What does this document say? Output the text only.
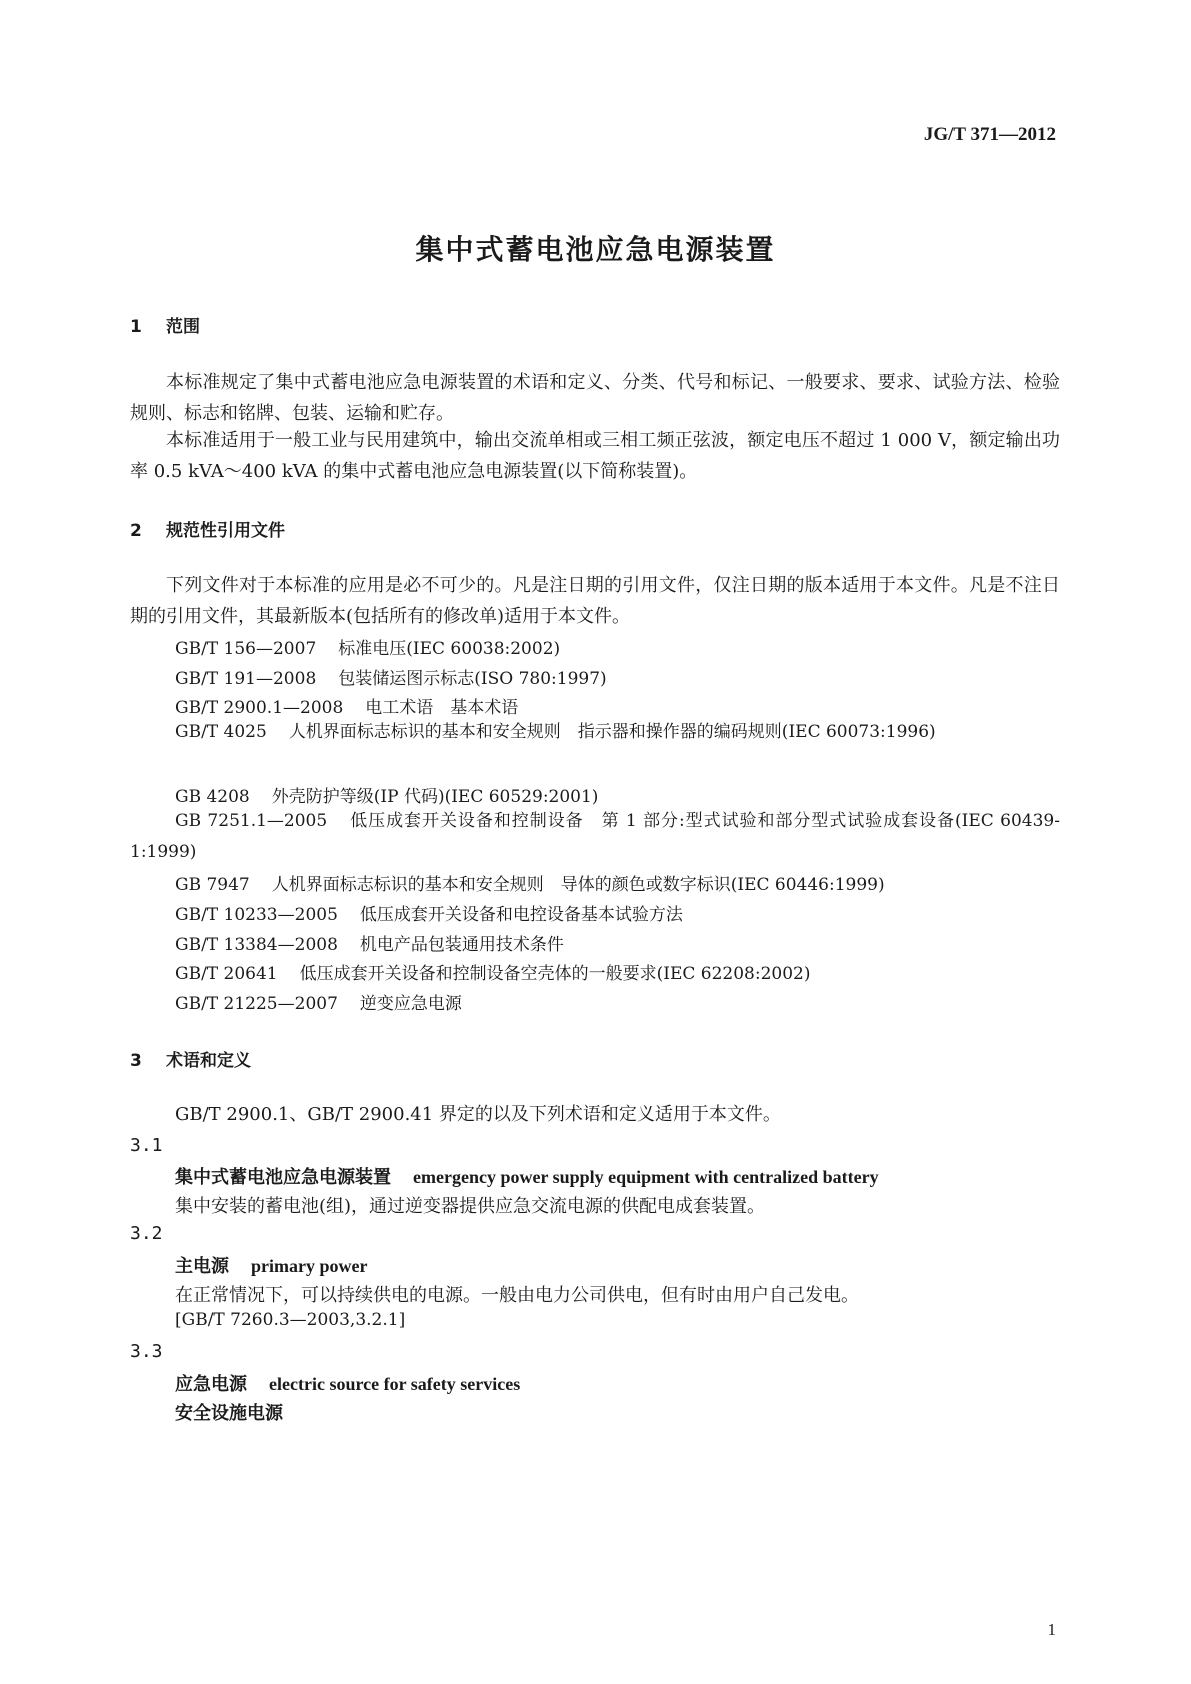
JG/T 371—2012
集中式蓄电池应急电源装置
1 范围
本标准规定了集中式蓄电池应急电源装置的术语和定义、分类、代号和标记、一般要求、要求、试验方法、检验规则、标志和铭牌、包装、运输和贮存。
本标准适用于一般工业与民用建筑中，输出交流单相或三相工频正弦波，额定电压不超过 1 000 V，额定输出功率 0.5 kVA～400 kVA 的集中式蓄电池应急电源装置(以下简称装置)。
2 规范性引用文件
下列文件对于本标准的应用是必不可少的。凡是注日期的引用文件，仅注日期的版本适用于本文件。凡是不注日期的引用文件，其最新版本(包括所有的修改单)适用于本文件。
GB/T 156—2007 标准电压(IEC 60038:2002)
GB/T 191—2008 包装储运图示标志(ISO 780:1997)
GB/T 2900.1—2008 电工术语　基本术语
GB/T 4025 人机界面标志标识的基本和安全规则　指示器和操作器的编码规则(IEC 60073:1996)
GB 4208 外壳防护等级(IP 代码)(IEC 60529:2001)
GB 7251.1—2005 低压成套开关设备和控制设备　第 1 部分:型式试验和部分型式试验成套设备(IEC 60439-1:1999)
GB 7947 人机界面标志标识的基本和安全规则　导体的颜色或数字标识(IEC 60446:1999)
GB/T 10233—2005 低压成套开关设备和电控设备基本试验方法
GB/T 13384—2008 机电产品包装通用技术条件
GB/T 20641 低压成套开关设备和控制设备空壳体的一般要求(IEC 62208:2002)
GB/T 21225—2007 逆变应急电源
3 术语和定义
GB/T 2900.1、GB/T 2900.41 界定的以及下列术语和定义适用于本文件。
3.1
集中式蓄电池应急电源装置 emergency power supply equipment with centralized battery
集中安装的蓄电池(组)，通过逆变器提供应急交流电源的供配电成套装置。
3.2
主电源 primary power
在正常情况下，可以持续供电的电源。一般由电力公司供电，但有时由用户自己发电。
[GB/T 7260.3—2003,3.2.1]
3.3
应急电源 electric source for safety services
安全设施电源
1
